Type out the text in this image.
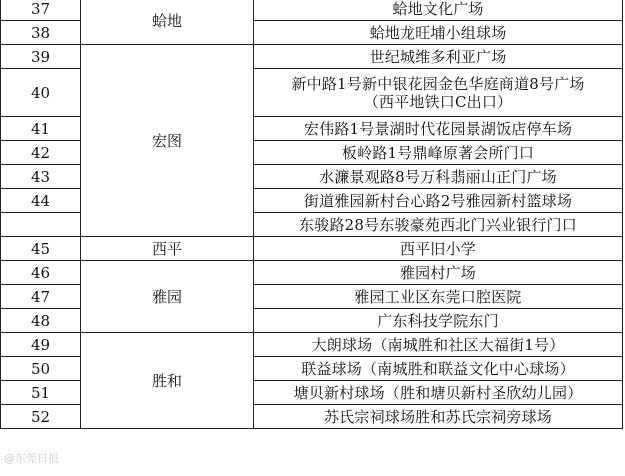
37	蛤地	蛤地文化广场
38		蛤地龙旺埔小组球场
39	宏图	世纪城维多利亚广场
40		新中路1号新中银花园金色华庭商道8号广场
（西平地铁口C出口）

41		宏伟路1号景湖时代花园景湖饭店停车场
42		板岭路1号鼎峰原著会所门口
43		水濂景观路8号万科翡丽山正门广场
44		街道雅园新村台心路2号雅园新村篮球场
		东骏路28号东骏豪苑西北门兴业银行门口
45	西平	西平旧小学
46	雅园	雅园村广场
47		雅园工业区东莞口腔医院
48		广东科技学院东门
49	胜和	大朗球场（南城胜和社区大福街1号）
50		联益球场（南城胜和联益文化中心球场）
51		塘贝新村球场（胜和塘贝新村圣欣幼儿园）
52		苏氏宗祠球场胜和苏氏宗祠旁球场
@东莞日报
